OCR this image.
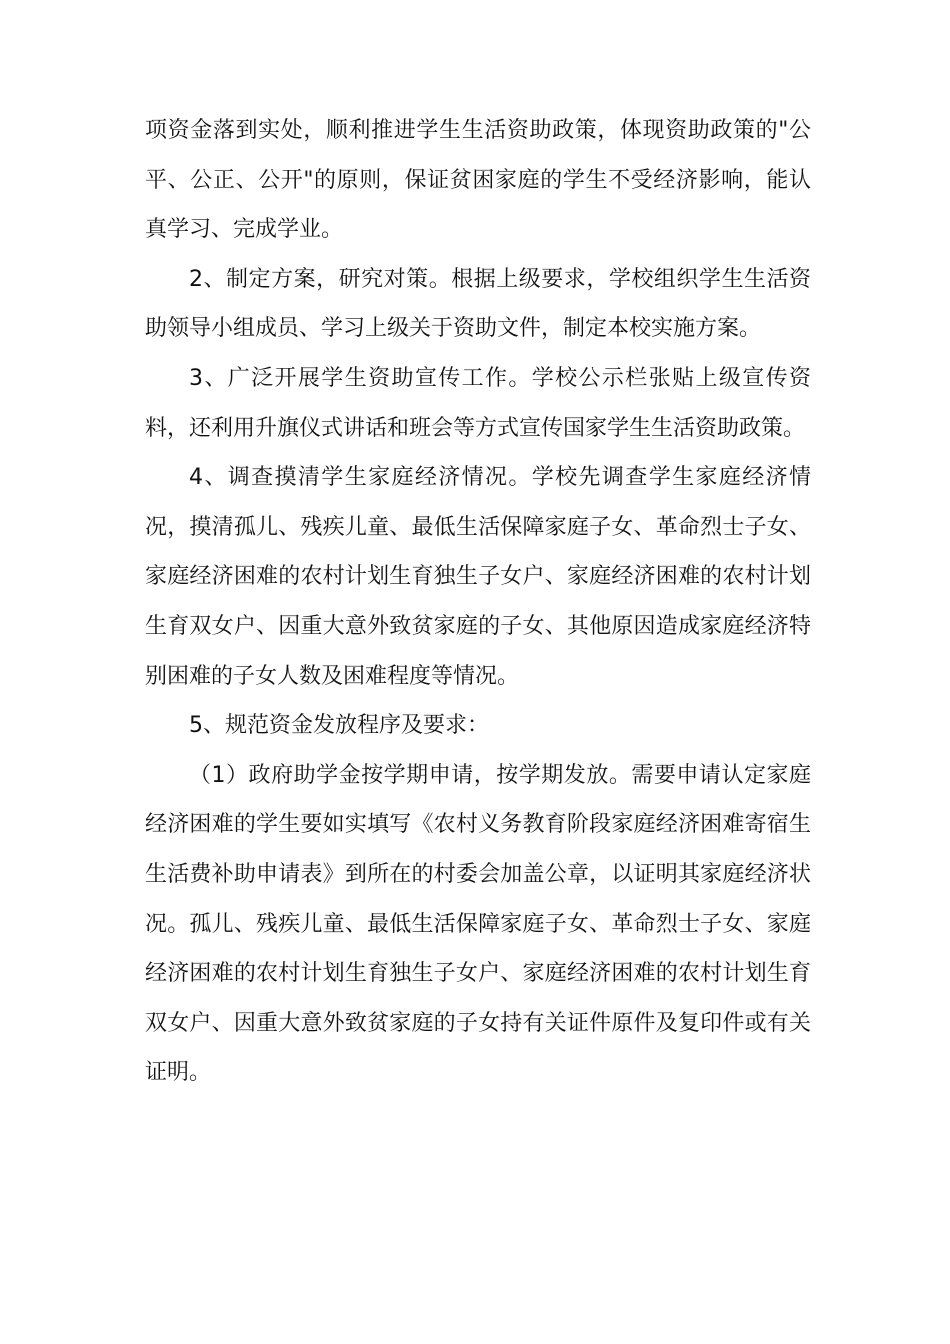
项资金落到实处，顺利推进学生生活资助政策，体现资助政策的"公平、公正、公开"的原则，保证贫困家庭的学生不受经济影响，能认真学习、完成学业。

2、制定方案，研究对策。根据上级要求，学校组织学生生活资助领导小组成员、学习上级关于资助文件，制定本校实施方案。

3、广泛开展学生资助宣传工作。学校公示栏张贴上级宣传资料，还利用升旗仪式讲话和班会等方式宣传国家学生生活资助政策。

4、调查摸清学生家庭经济情况。学校先调查学生家庭经济情况，摸清孤儿、残疾儿童、最低生活保障家庭子女、革命烈士子女、家庭经济困难的农村计划生育独生子女户、家庭经济困难的农村计划生育双女户、因重大意外致贫家庭的子女、其他原因造成家庭经济特别困难的子女人数及困难程度等情况。

5、规范资金发放程序及要求：

（1）政府助学金按学期申请，按学期发放。需要申请认定家庭经济困难的学生要如实填写《农村义务教育阶段家庭经济困难寄宿生生活费补助申请表》到所在的村委会加盖公章，以证明其家庭经济状况。孤儿、残疾儿童、最低生活保障家庭子女、革命烈士子女、家庭经济困难的农村计划生育独生子女户、家庭经济困难的农村计划生育双女户、因重大意外致贫家庭的子女持有关证件原件及复印件或有关证明。
